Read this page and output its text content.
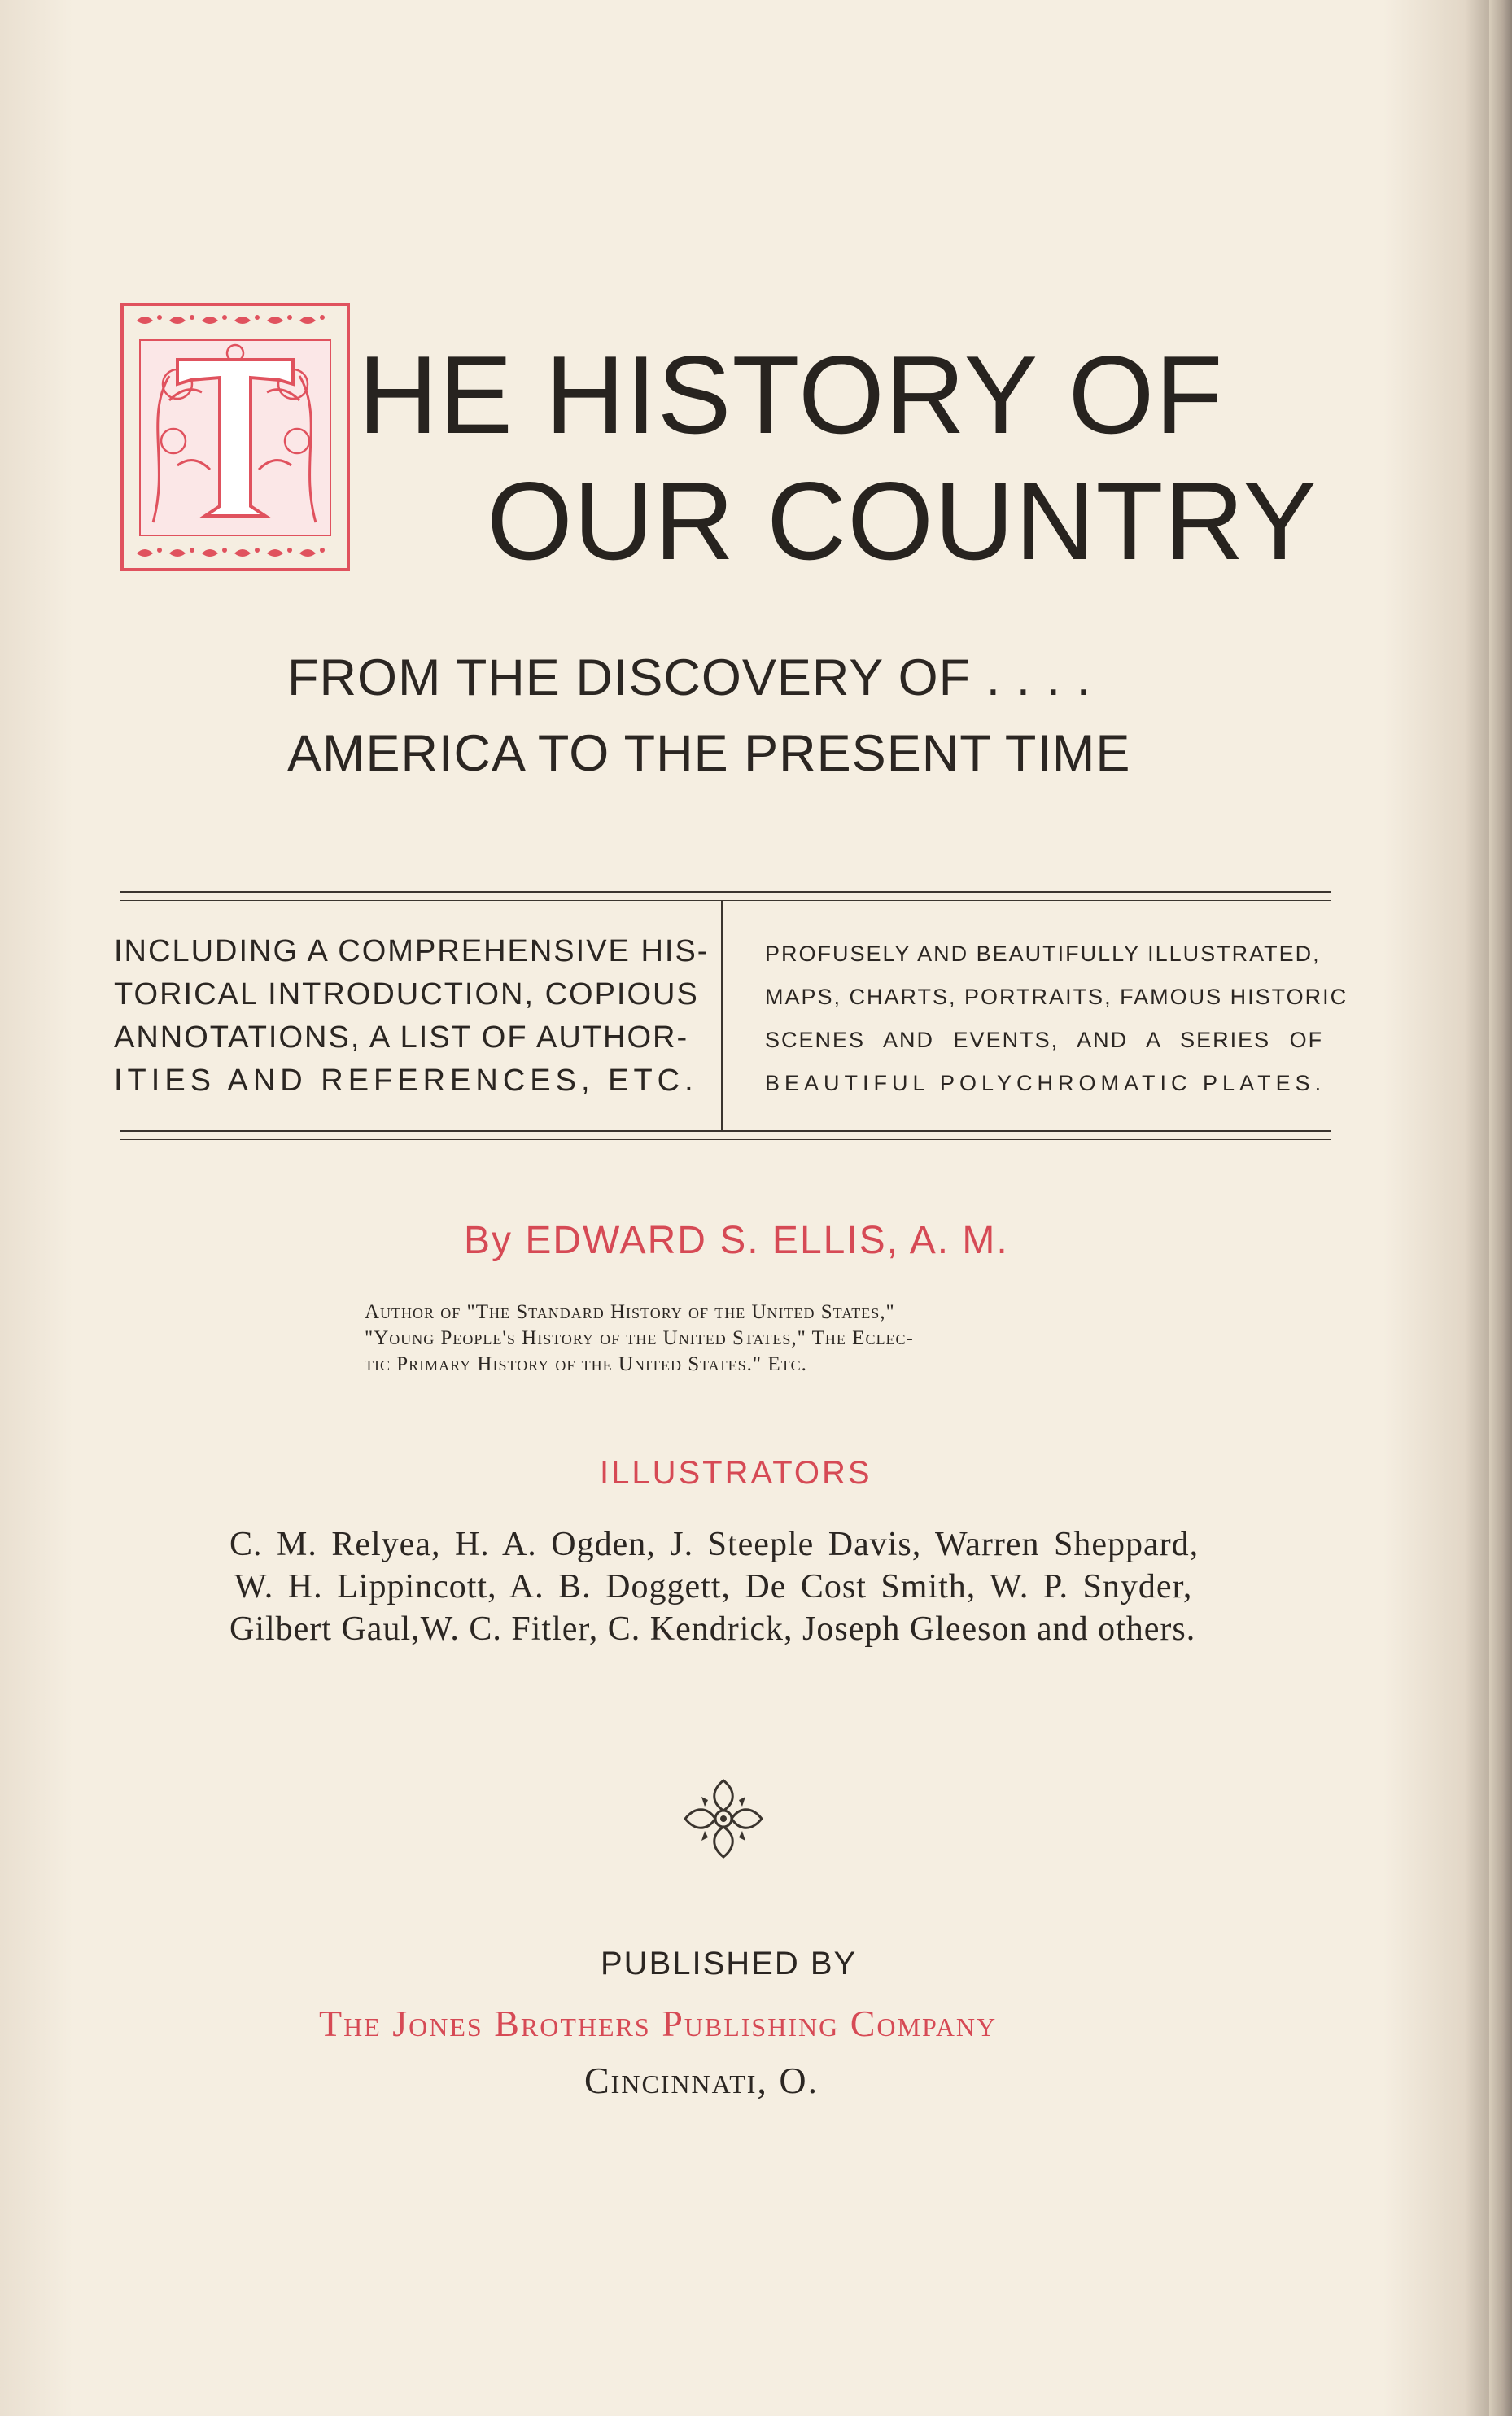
HE HISTORY OF
OUR COUNTRY
FROM THE DISCOVERY OF . . . .
AMERICA TO THE PRESENT TIME
INCLUDING A COMPREHENSIVE HIS-
TORICAL INTRODUCTION, COPIOUS
ANNOTATIONS, A LIST OF AUTHOR-
ITIES AND REFERENCES, ETC.
PROFUSELY AND BEAUTIFULLY ILLUSTRATED,
MAPS, CHARTS, PORTRAITS, FAMOUS HISTORIC
SCENES AND EVENTS, AND A SERIES OF
BEAUTIFUL POLYCHROMATIC PLATES.
By EDWARD S. ELLIS, A. M.
Author of "The Standard History of the United States,"
"Young People's History of the United States," The Eclec-
tic Primary History of the United States." Etc.
ILLUSTRATORS
C. M. Relyea, H. A. Ogden, J. Steeple Davis, Warren Sheppard,
W. H. Lippincott, A. B. Doggett, De Cost Smith, W. P. Snyder,
Gilbert Gaul,W. C. Fitler, C. Kendrick, Joseph Gleeson and others.
PUBLISHED BY
The Jones Brothers Publishing Company
Cincinnati, O.
